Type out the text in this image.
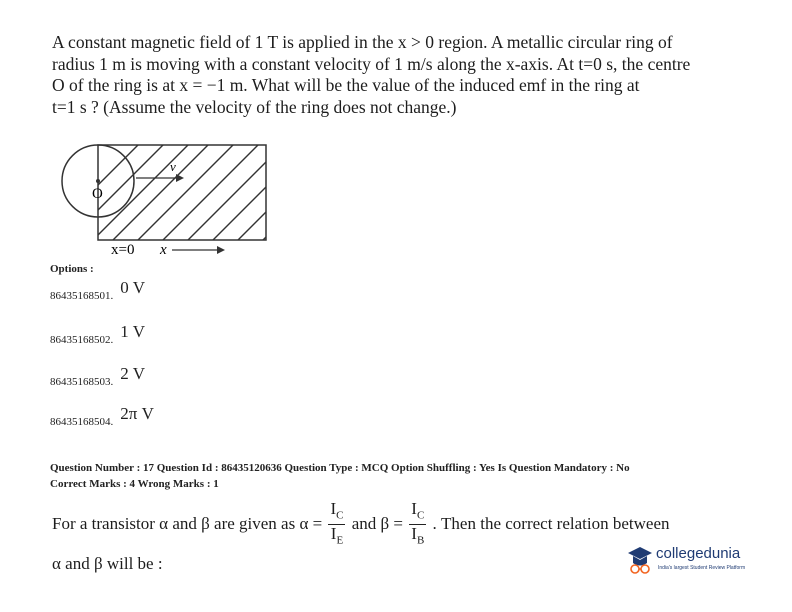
A constant magnetic field of 1 T is applied in the x > 0 region. A metallic circular ring of

radius 1 m is moving with a constant velocity of 1 m/s along the x-axis. At t=0 s, the centre

O of the ring is at x = −1 m. What will be the value of the induced emf in the ring at

t=1 s ? (Assume the velocity of the ring does not change.)

O
v
x=0 x
Options :
86435168501. 0 V
86435168502. 1 V
86435168503. 2 V
86435168504. 2π V
Question Number : 17 Question Id : 86435120636 Question Type : MCQ Option Shuffling : Yes Is Question Mandatory : No
Correct Marks : 4 Wrong Marks : 1
For a transistor α and β are given as $\alpha = \frac{I_C}{I_E}$ and $\beta = \frac{I_C}{I_B}$ . Then the correct relation between
α and β will be :
collegedunia
India's largest Student Review Platform
